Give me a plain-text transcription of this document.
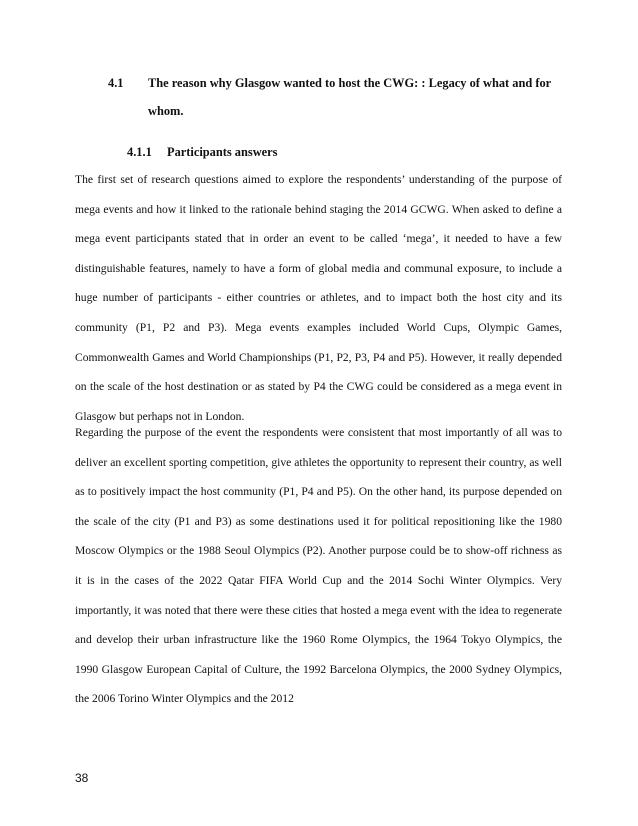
4.1 The reason why Glasgow wanted to host the CWG: : Legacy of what and for whom.
4.1.1 Participants answers

The first set of research questions aimed to explore the respondents’ understanding of the purpose of mega events and how it linked to the rationale behind staging the 2014 GCWG. When asked to define a mega event participants stated that in order an event to be called ‘mega’, it needed to have a few distinguishable features, namely to have a form of global media and communal exposure, to include a huge number of participants - either countries or athletes, and to impact both the host city and its community (P1, P2 and P3). Mega events examples included World Cups, Olympic Games, Commonwealth Games and World Championships (P1, P2, P3, P4 and P5). However, it really depended on the scale of the host destination or as stated by P4 the CWG could be considered as a mega event in Glasgow but perhaps not in London.

Regarding the purpose of the event the respondents were consistent that most importantly of all was to deliver an excellent sporting competition, give athletes the opportunity to represent their country, as well as to positively impact the host community (P1, P4 and P5). On the other hand, its purpose depended on the scale of the city (P1 and P3) as some destinations used it for political repositioning like the 1980 Moscow Olympics or the 1988 Seoul Olympics (P2). Another purpose could be to show-off richness as it is in the cases of the 2022 Qatar FIFA World Cup and the 2014 Sochi Winter Olympics. Very importantly, it was noted that there were these cities that hosted a mega event with the idea to regenerate and develop their urban infrastructure like the 1960 Rome Olympics, the 1964 Tokyo Olympics, the 1990 Glasgow European Capital of Culture, the 1992 Barcelona Olympics, the 2000 Sydney Olympics, the 2006 Torino Winter Olympics and the 2012

38
